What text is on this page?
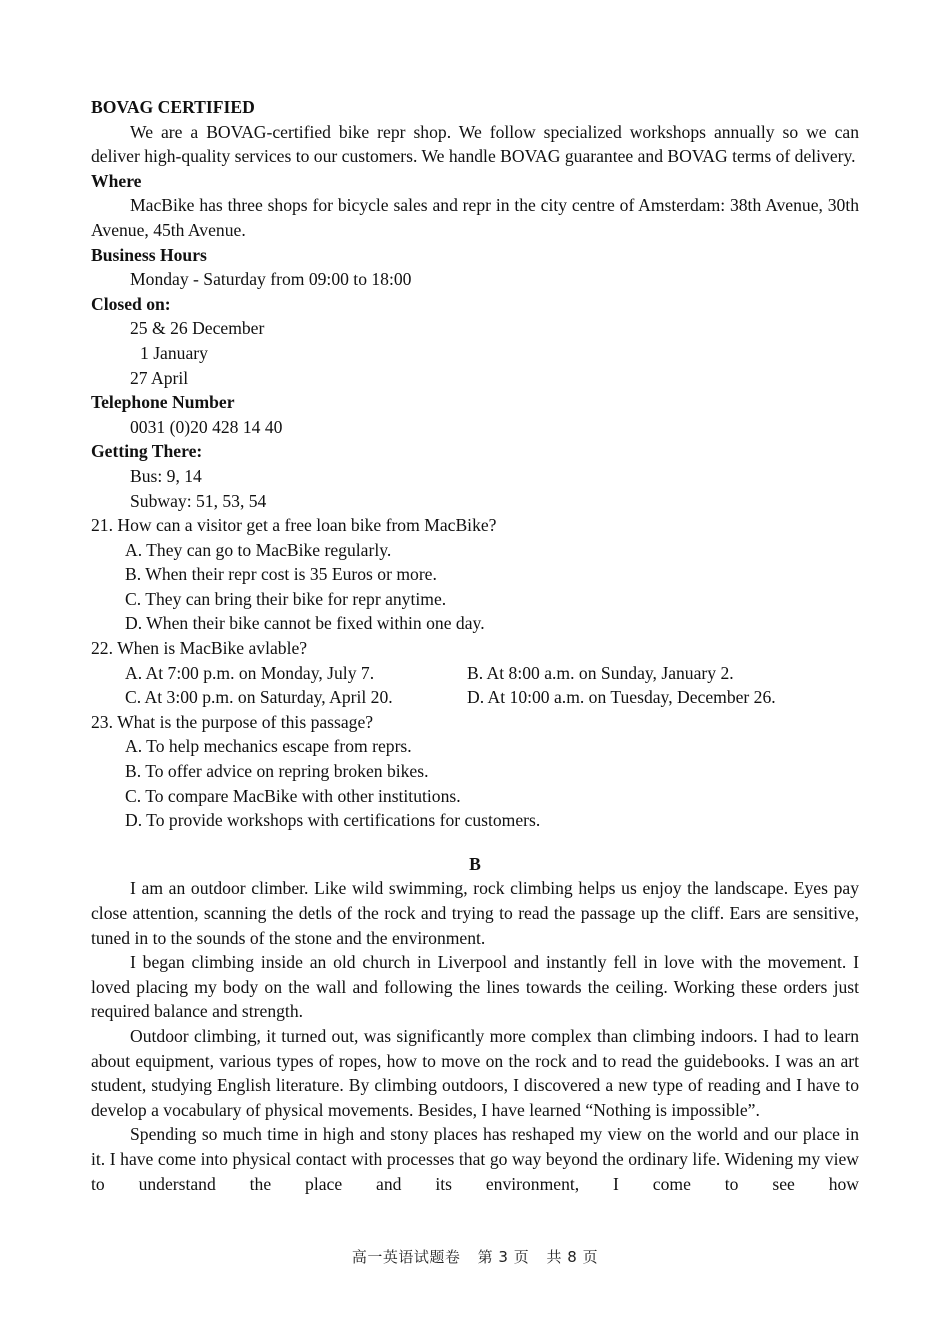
BOVAG CERTIFIED

We are a BOVAG-certified bike repr shop. We follow specialized workshops annually so we can deliver high-quality services to our customers. We handle BOVAG guarantee and BOVAG terms of delivery.

Where

MacBike has three shops for bicycle sales and repr in the city centre of Amsterdam: 38th Avenue, 30th Avenue, 45th Avenue.

Business Hours

Monday - Saturday from 09:00 to 18:00

Closed on:

25 & 26 December

1 January

27 April

Telephone Number

0031 (0)20 428 14 40

Getting There:

Bus: 9, 14

Subway: 51, 53, 54

21. How can a visitor get a free loan bike from MacBike?

A. They can go to MacBike regularly.

B. When their repr cost is 35 Euros or more.

C. They can bring their bike for repr anytime.

D. When their bike cannot be fixed within one day.

22. When is MacBike avlable?

A. At 7:00 p.m. on Monday, July 7.	B. At 8:00 a.m. on Sunday, January 2.
C. At 3:00 p.m. on Saturday, April 20.	D. At 10:00 a.m. on Tuesday, December 26.

23. What is the purpose of this passage?

A. To help mechanics escape from reprs.

B. To offer advice on repring broken bikes.

C. To compare MacBike with other institutions.

D. To provide workshops with certifications for customers.

B

I am an outdoor climber. Like wild swimming, rock climbing helps us enjoy the landscape. Eyes pay close attention, scanning the detls of the rock and trying to read the passage up the cliff. Ears are sensitive, tuned in to the sounds of the stone and the environment.

I began climbing inside an old church in Liverpool and instantly fell in love with the movement. I loved placing my body on the wall and following the lines towards the ceiling. Working these orders just required balance and strength.

Outdoor climbing, it turned out, was significantly more complex than climbing indoors. I had to learn about equipment, various types of ropes, how to move on the rock and to read the guidebooks. I was an art student, studying English literature. By climbing outdoors, I discovered a new type of reading and I have to develop a vocabulary of physical movements. Besides, I have learned “Nothing is impossible”.

Spending so much time in high and stony places has reshaped my view on the world and our place in it. I have come into physical contact with processes that go way beyond the ordinary life. Widening my view to understand the place and its environment, I come to see how

高一英语试题卷 第 3 页 共 8 页
